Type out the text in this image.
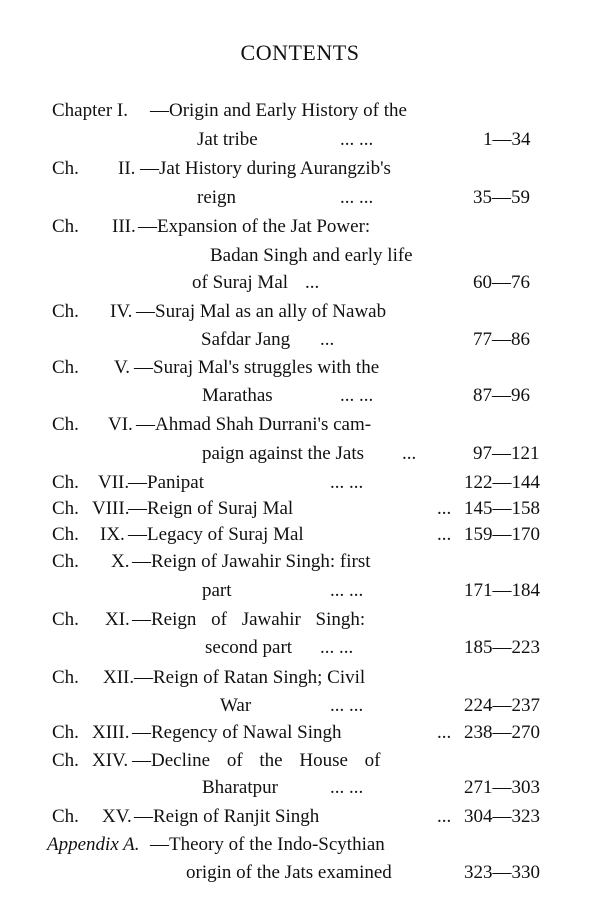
CONTENTS
Chapter I. —Origin and Early History of the
Jat tribe	... ...	1—34
Ch. II. —Jat History during Aurangzib's
reign	... ...	35—59
Ch. III. —Expansion of the Jat Power:
Badan Singh and early life
of Suraj Mal ...	60—76
Ch. IV. —Suraj Mal as an ally of Nawab
Safdar Jang ...	77—86
Ch. V. —Suraj Mal's struggles with the
Marathas	... ...	87—96
Ch. VI. —Ahmad Shah Durrani's cam-
paign against the Jats ...	97—121
Ch. VII.
—Panipat	... ...	122—144
Ch. VIII.
—Reign of Suraj Mal	... 145—158
Ch. IX. —Legacy of Suraj Mal	... 159—170
Ch. X. —Reign of Jawahir Singh: first
part	... ...	171—184
Ch. XI. —Reign of Jawahir Singh:
second part ... ...	185—223
Ch. XII. —Reign of Ratan Singh; Civil
War	... ...	224—237
Ch. XIII. —Regency of Nawal Singh	... 238—270
Ch. XIV. —Decline of the House of
Bharatpur	... ...	271—303
Ch. XV. —Reign of Ranjit Singh	... 304—323
Appendix A. —Theory of the Indo-Scythian
origin of the Jats examined	323—330
